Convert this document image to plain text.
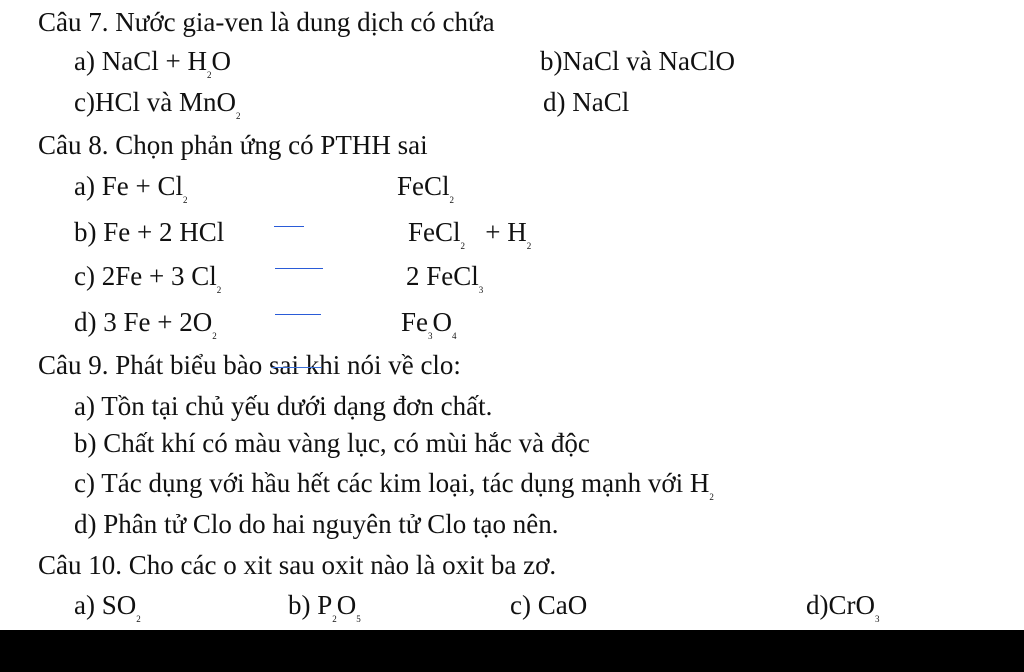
Câu 7. Nước gia-ven là dung dịch có chứa
a) NaCl + $H_2O$	b)NaCl và NaClO
c)HCl và MnO$_2$	d) NaCl
Câu 8. Chọn phản ứng có PTHH sai
a) $Fe + Cl_2$	FeCl$_2$
b) Fe + 2 HCl	FeCl$_2$   + $H_2$
c) 2Fe + 3 $Cl_2$	2 FeCl$_3$
d) 3 $Fe + 2O_2$	$Fe_3O_4$
Câu 9. Phát biểu bào sai khi nói về clo:
a) Tồn tại chủ yếu dưới dạng đơn chất.
b) Chất khí có màu vàng lục, có mùi hắc và độc
c) Tác dụng với hầu hết các kim loại, tác dụng mạnh với $H_2$
d) Phân tử Clo do hai nguyên tử Clo tạo nên.
Câu 10. Cho các o xit sau oxit nào là oxit ba zơ.
a) $SO_2$	b) $P_2O_5$	c) CaO	d)CrO$_3$
